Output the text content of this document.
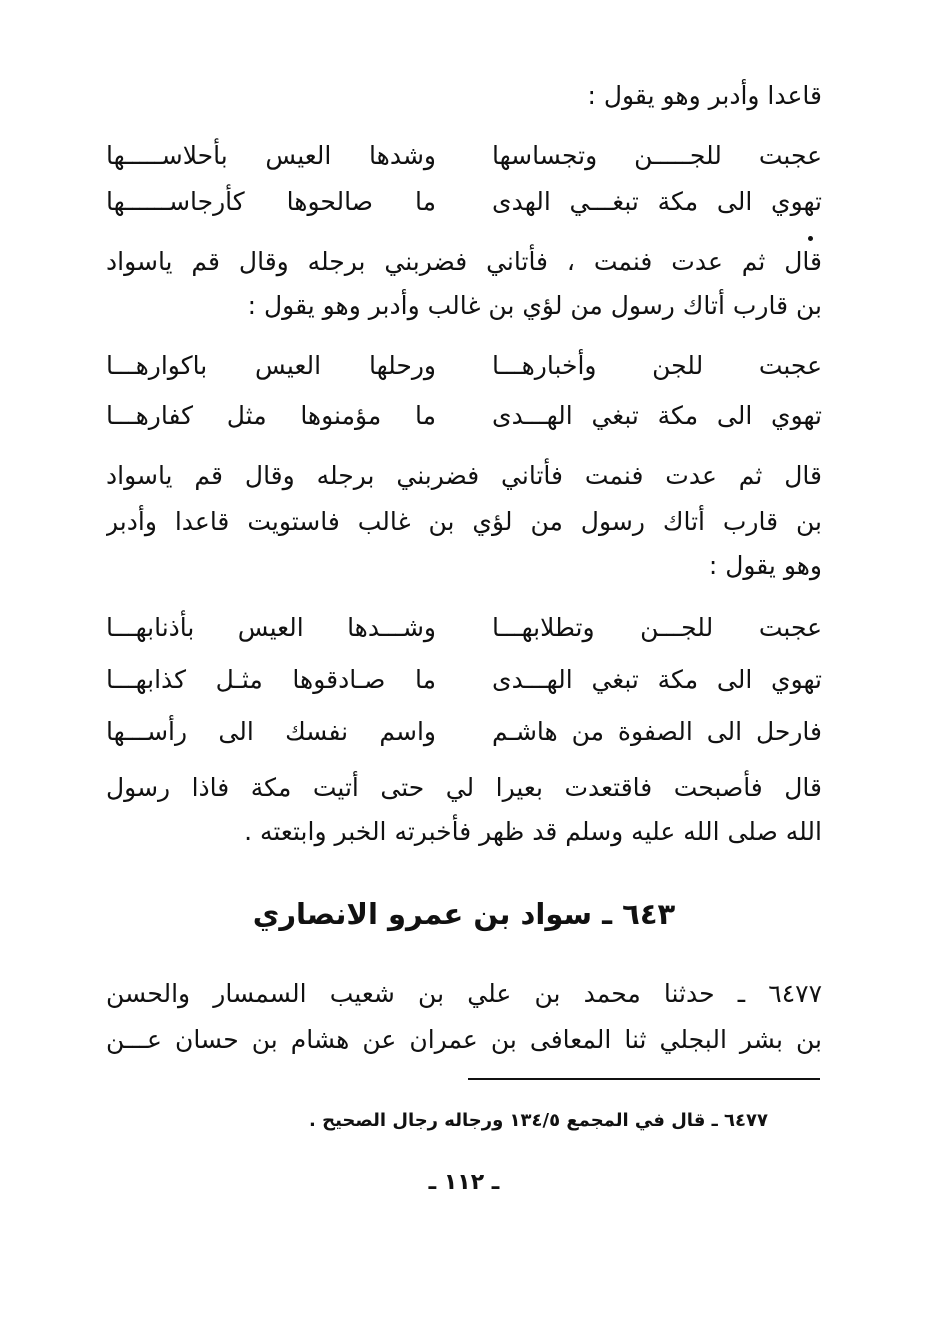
قاعدا وأدبر وهو يقول :
عجبت للجـــــن وتجساسها
وشدها العيس بأحلاســـــها
تهوي الى مكة تبغـــي الهدى
ما صالحوها كأرجاســــــها
قال ثم عدت فنمت ، فأتاني فضربني برجله وقال قم ياسواد
بن قارب أتاك رسول من لؤي بن غالب وأدبر وهو يقول :
عجبت للجن وأخبارهـــا
ورحلها العيس باكوارهـــا
تهوي الى مكة تبغي الهـــدى
ما مؤمنوها مثل كفارهـــا
قال ثم عدت فنمت فأتاني فضربني برجله وقال قم ياسواد
بن قارب أتاك رسول من لؤي بن غالب فاستويت قاعدا وأدبر
وهو يقول :
عجبت للجـــن وتطلابهـــا
وشـــدها العيس بأذنابهـــا
تهوي الى مكة تبغي الهـــدى
ما صـادقوها مثـل كذابهـــا
فارحل الى الصفوة من هاشـم
واسم نفسك الى رأســـها
قال فأصبحت فاقتعدت بعيرا لي حتى أتيت مكة فاذا رسول
الله صلى الله عليه وسلم قد ظهر فأخبرته الخبر وابتعته .
٦٤٣ ـ سواد بن عمرو الانصاري
٦٤٧٧ ـ حدثنا محمد بن علي بن شعيب السمسار والحسن
بن بشر البجلي ثنا المعافى بن عمران عن هشام بن حسان عـــن
٦٤٧٧ ـ قال في المجمع ١٣٤/٥ ورجاله رجال الصحيح .
ـ ١١٢ ـ
